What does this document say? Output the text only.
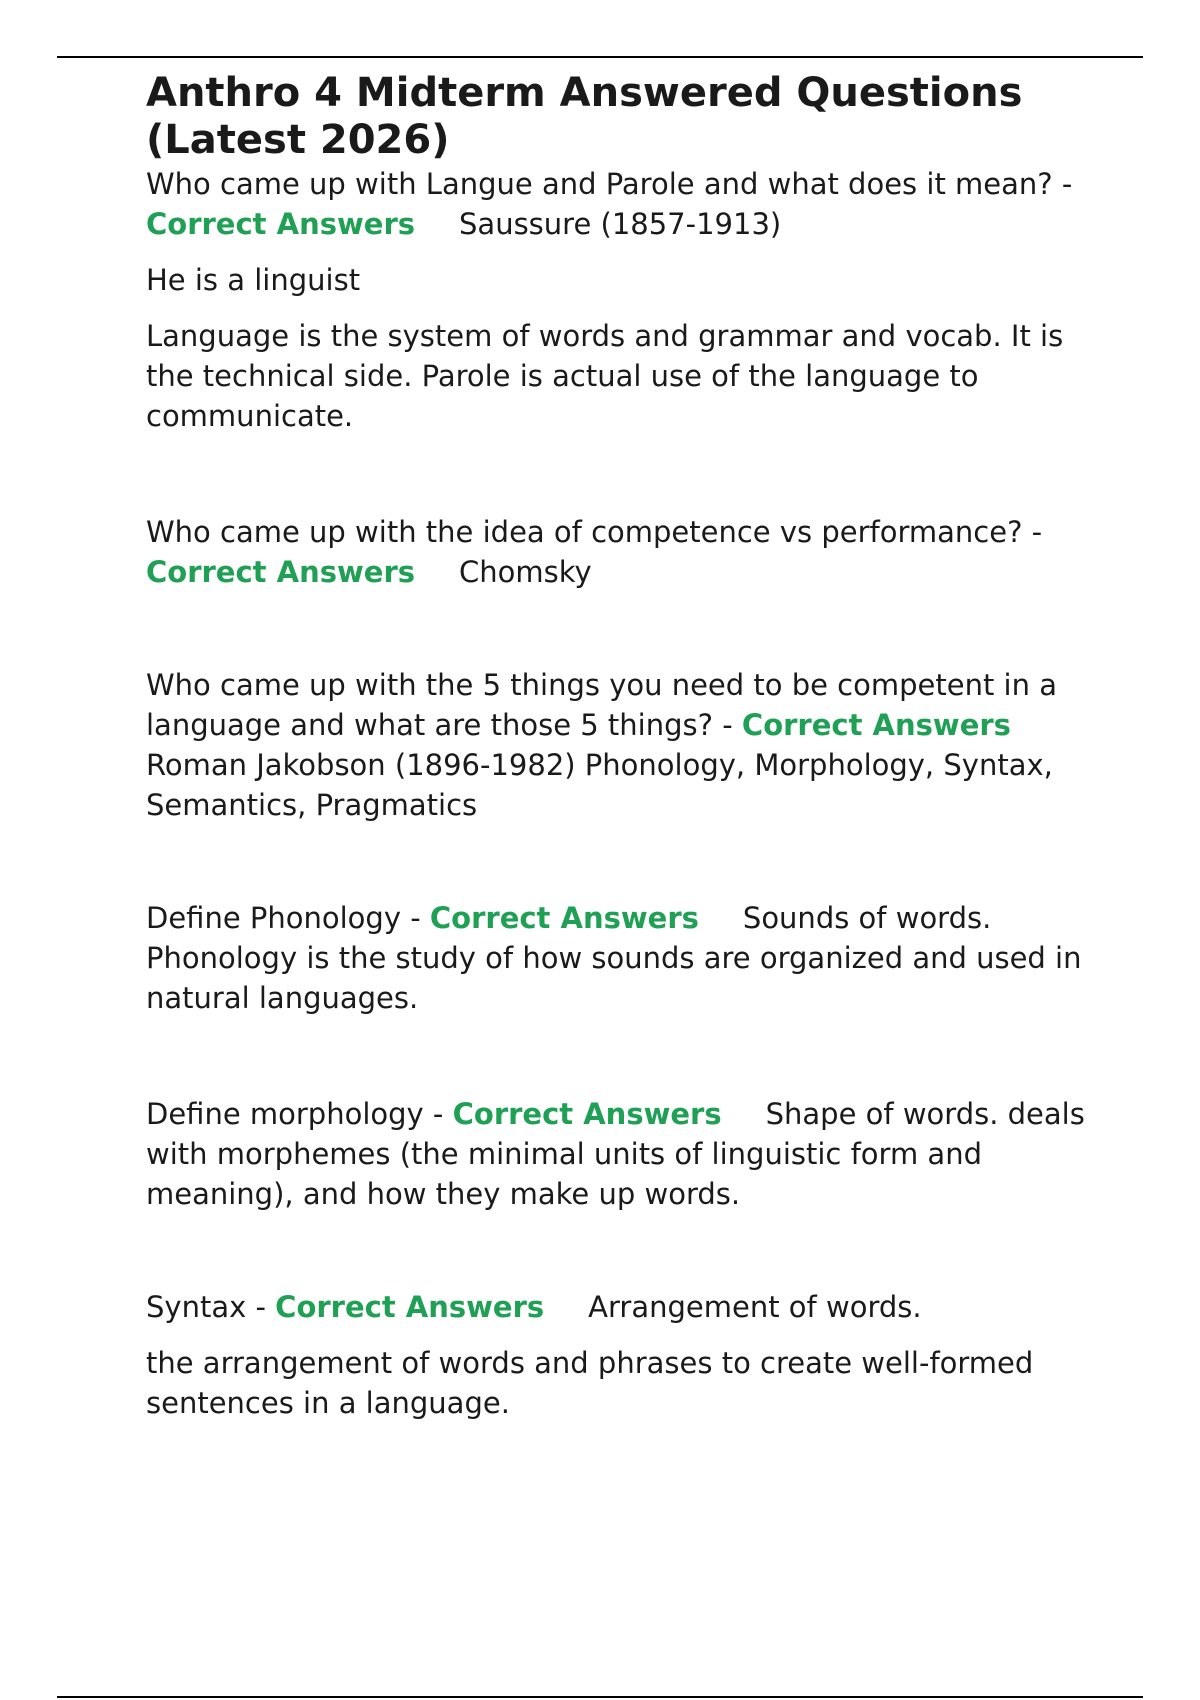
Anthro 4 Midterm Answered Questions
(Latest 2026)

Who came up with Langue and Parole and what does it mean? - Correct Answers Saussure (1857-1913)

He is a linguist

Language is the system of words and grammar and vocab. It is the technical side. Parole is actual use of the language to communicate.

Who came up with the idea of competence vs performance? - Correct Answers Chomsky

Who came up with the 5 things you need to be competent in a language and what are those 5 things? - Correct AnswersRoman Jakobson (1896-1982) Phonology, Morphology, Syntax, Semantics, Pragmatics

Define Phonology - Correct Answers Sounds of words. Phonology is the study of how sounds are organized and used in natural languages.

Define morphology - Correct Answers Shape of words. deals with morphemes (the minimal units of linguistic form and meaning), and how they make up words.

Syntax - Correct Answers Arrangement of words.

the arrangement of words and phrases to create well-formed sentences in a language.
